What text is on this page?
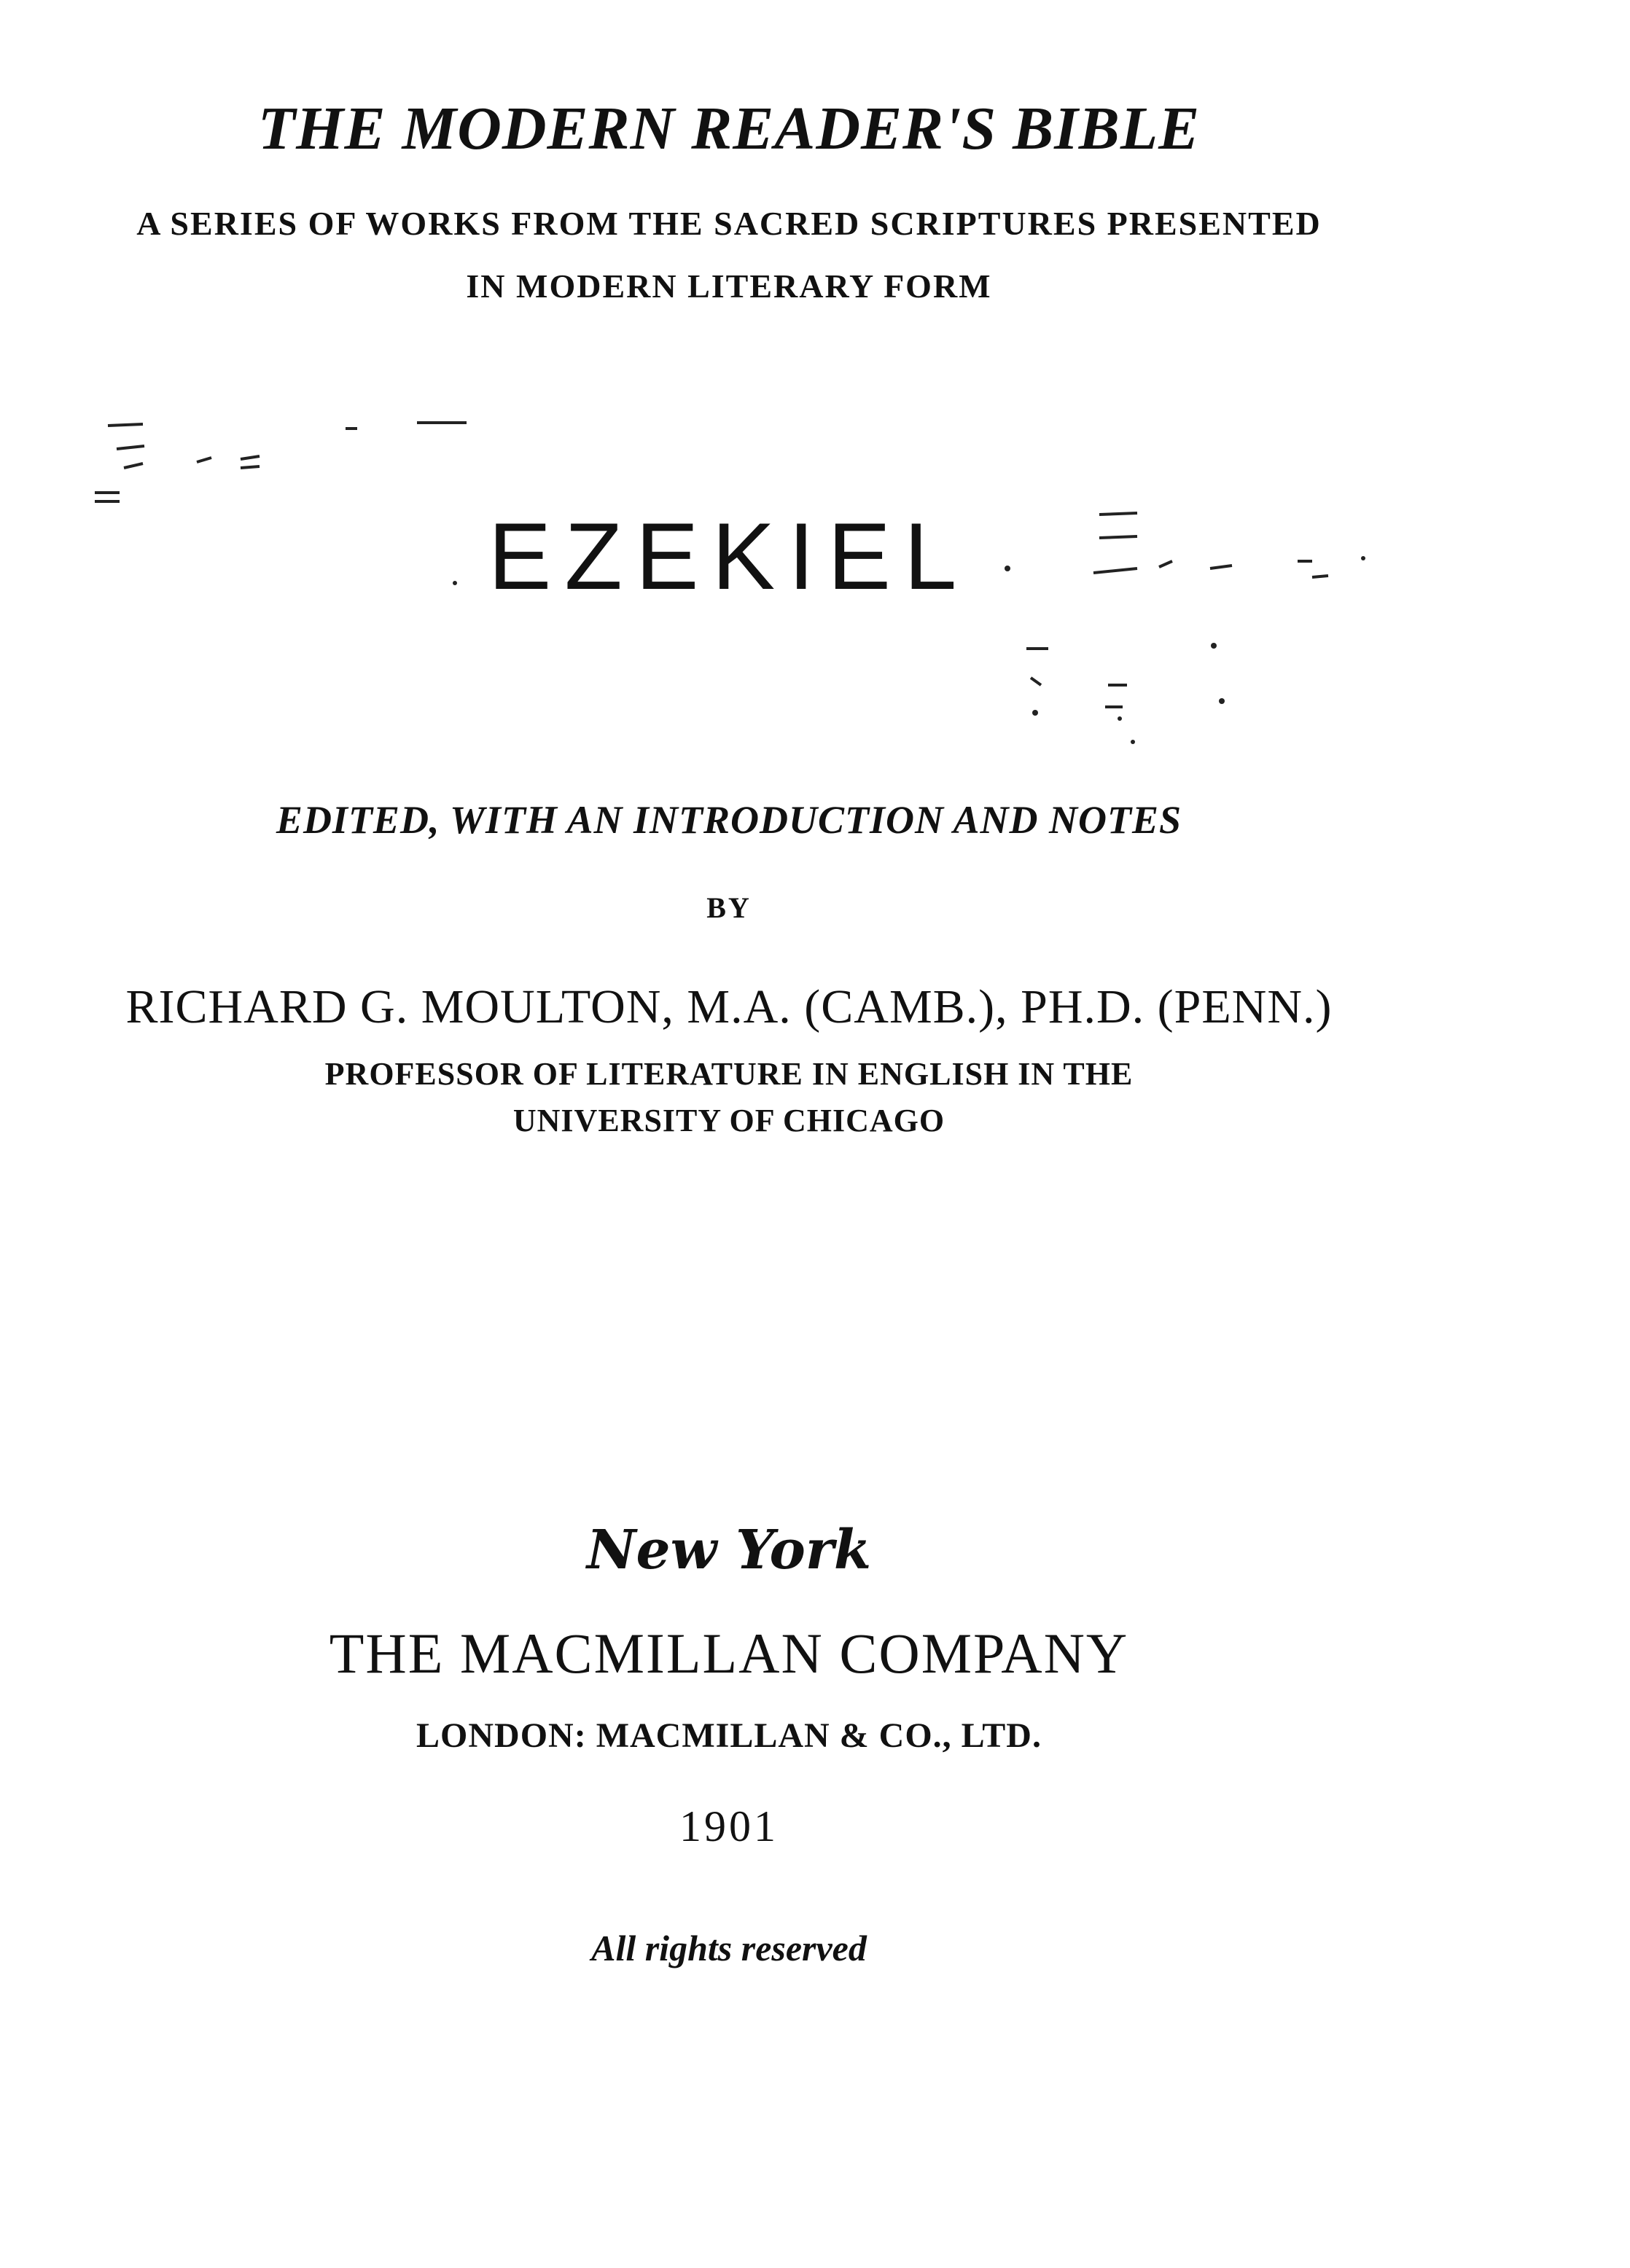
THE MODERN READER'S BIBLE
A SERIES OF WORKS FROM THE SACRED SCRIPTURES PRESENTED
IN MODERN LITERARY FORM
EZEKIEL
EDITED, WITH AN INTRODUCTION AND NOTES
BY
RICHARD G. MOULTON, M.A. (CAMB.), PH.D. (PENN.)
PROFESSOR OF LITERATURE IN ENGLISH IN THE
UNIVERSITY OF CHICAGO
New York
THE MACMILLAN COMPANY
LONDON: MACMILLAN & CO., LTD.
1901
All rights reserved
